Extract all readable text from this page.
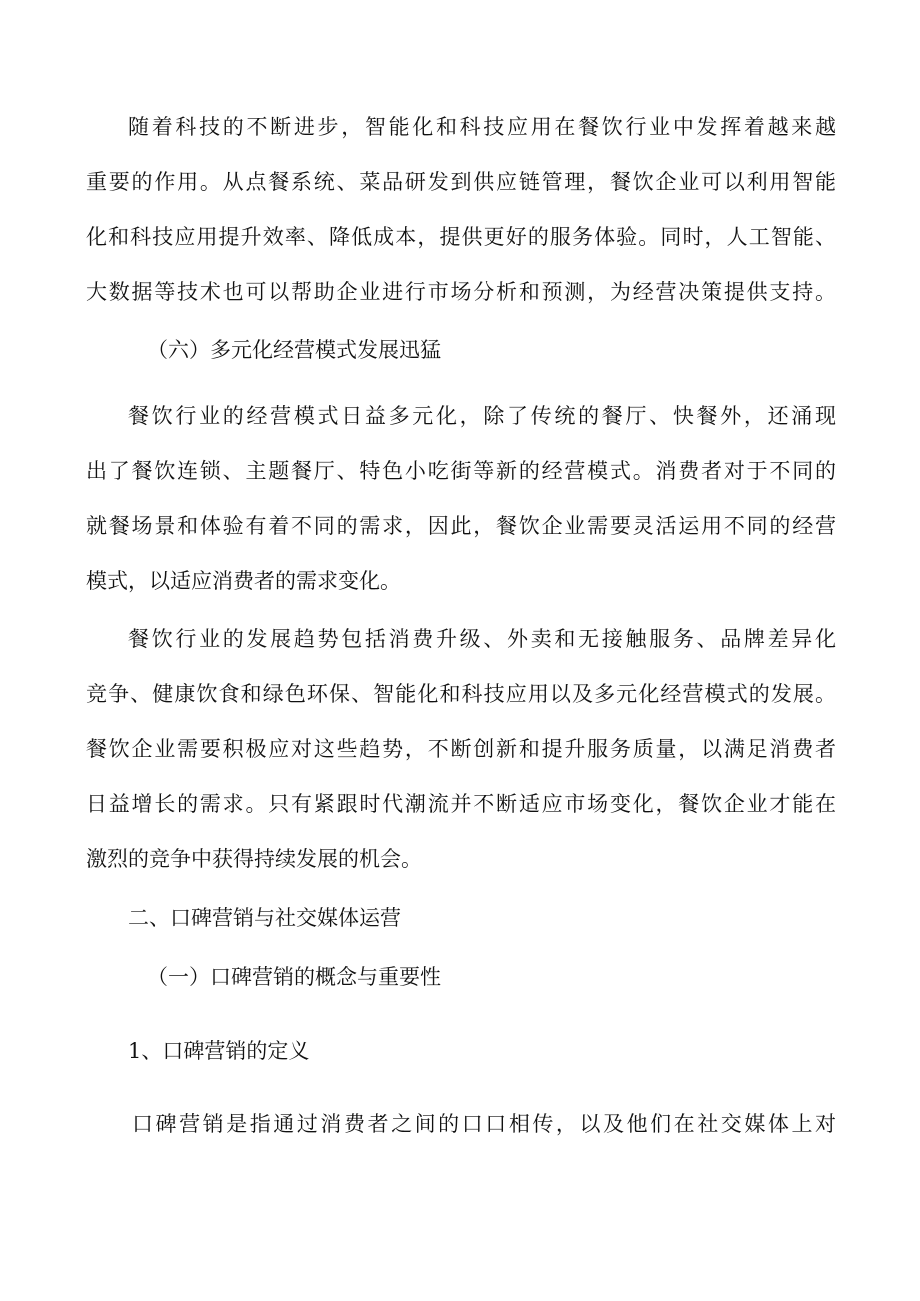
随着科技的不断进步，智能化和科技应用在餐饮行业中发挥着越来越
重要的作用。从点餐系统、菜品研发到供应链管理，餐饮企业可以利用智能
化和科技应用提升效率、降低成本，提供更好的服务体验。同时，人工智能、
大数据等技术也可以帮助企业进行市场分析和预测，为经营决策提供支持。
（六）多元化经营模式发展迅猛
餐饮行业的经营模式日益多元化，除了传统的餐厅、快餐外，还涌现
出了餐饮连锁、主题餐厅、特色小吃街等新的经营模式。消费者对于不同的
就餐场景和体验有着不同的需求，因此，餐饮企业需要灵活运用不同的经营
模式，以适应消费者的需求变化。
餐饮行业的发展趋势包括消费升级、外卖和无接触服务、品牌差异化
竞争、健康饮食和绿色环保、智能化和科技应用以及多元化经营模式的发展。
餐饮企业需要积极应对这些趋势，不断创新和提升服务质量，以满足消费者
日益增长的需求。只有紧跟时代潮流并不断适应市场变化，餐饮企业才能在
激烈的竞争中获得持续发展的机会。
二、口碑营销与社交媒体运营
（一）口碑营销的概念与重要性
1、口碑营销的定义
口碑营销是指通过消费者之间的口口相传，以及他们在社交媒体上对
